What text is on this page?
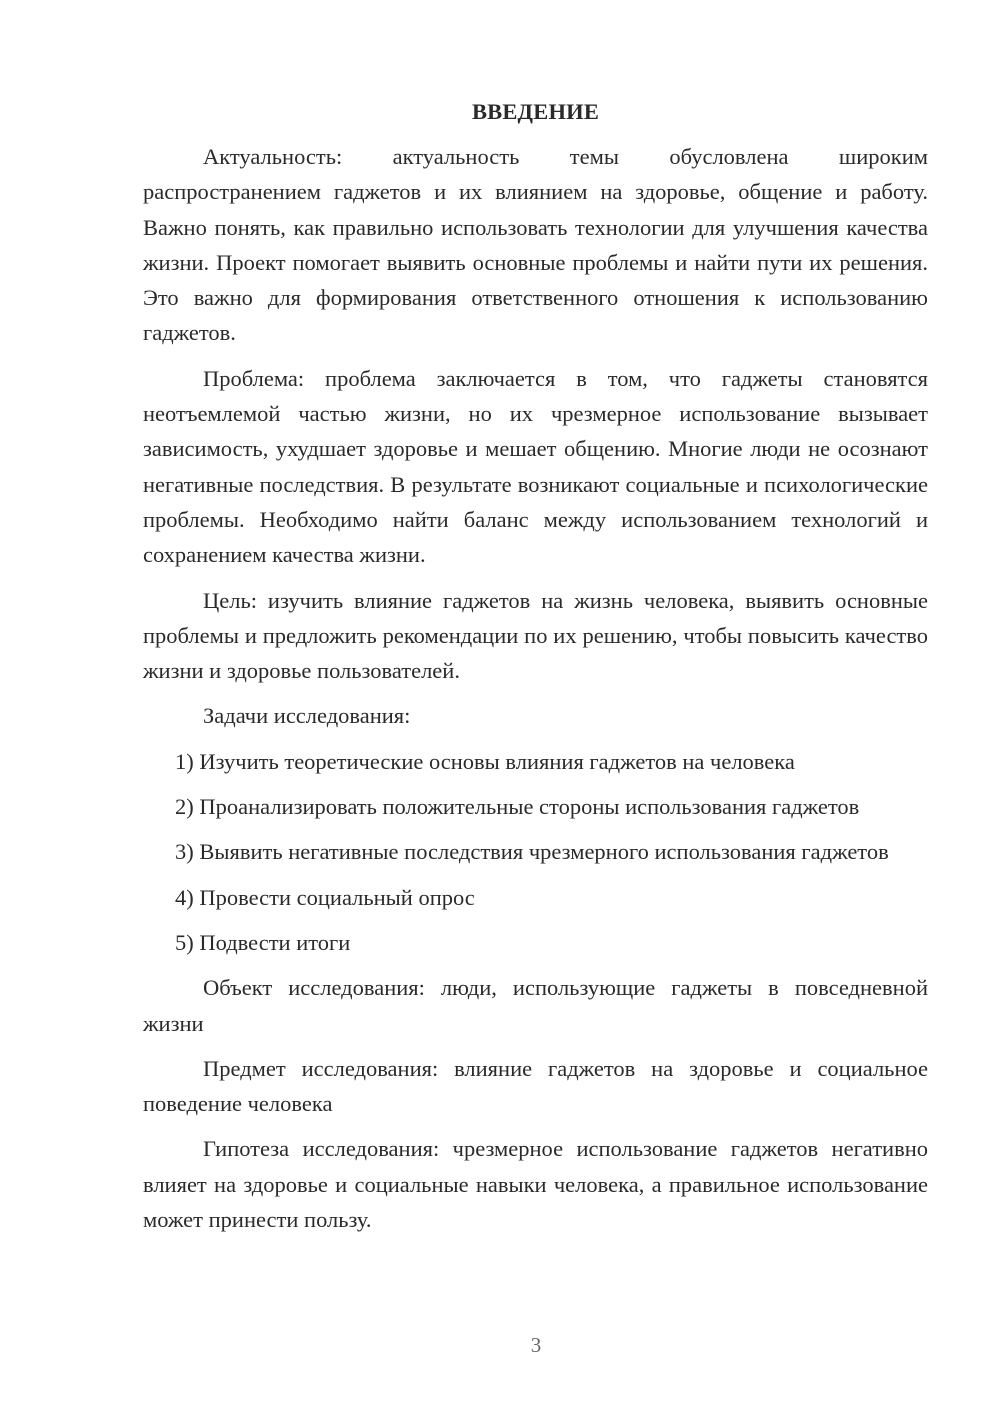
ВВЕДЕНИЕ

Актуальность: актуальность темы обусловлена широким распространением гаджетов и их влиянием на здоровье, общение и работу. Важно понять, как правильно использовать технологии для улучшения качества жизни. Проект помогает выявить основные проблемы и найти пути их решения. Это важно для формирования ответственного отношения к использованию гаджетов.

Проблема: проблема заключается в том, что гаджеты становятся неотъемлемой частью жизни, но их чрезмерное использование вызывает зависимость, ухудшает здоровье и мешает общению. Многие люди не осознают негативные последствия. В результате возникают социальные и психологические проблемы. Необходимо найти баланс между использованием технологий и сохранением качества жизни.

Цель: изучить влияние гаджетов на жизнь человека, выявить основные проблемы и предложить рекомендации по их решению, чтобы повысить качество жизни и здоровье пользователей.

Задачи исследования:

1) Изучить теоретические основы влияния гаджетов на человека

2) Проанализировать положительные стороны использования гаджетов

3) Выявить негативные последствия чрезмерного использования гаджетов

4) Провести социальный опрос

5) Подвести итоги

Объект исследования: люди, использующие гаджеты в повседневной жизни

Предмет исследования: влияние гаджетов на здоровье и социальное поведение человека

Гипотеза исследования: чрезмерное использование гаджетов негативно влияет на здоровье и социальные навыки человека, а правильное использование может принести пользу.

3
